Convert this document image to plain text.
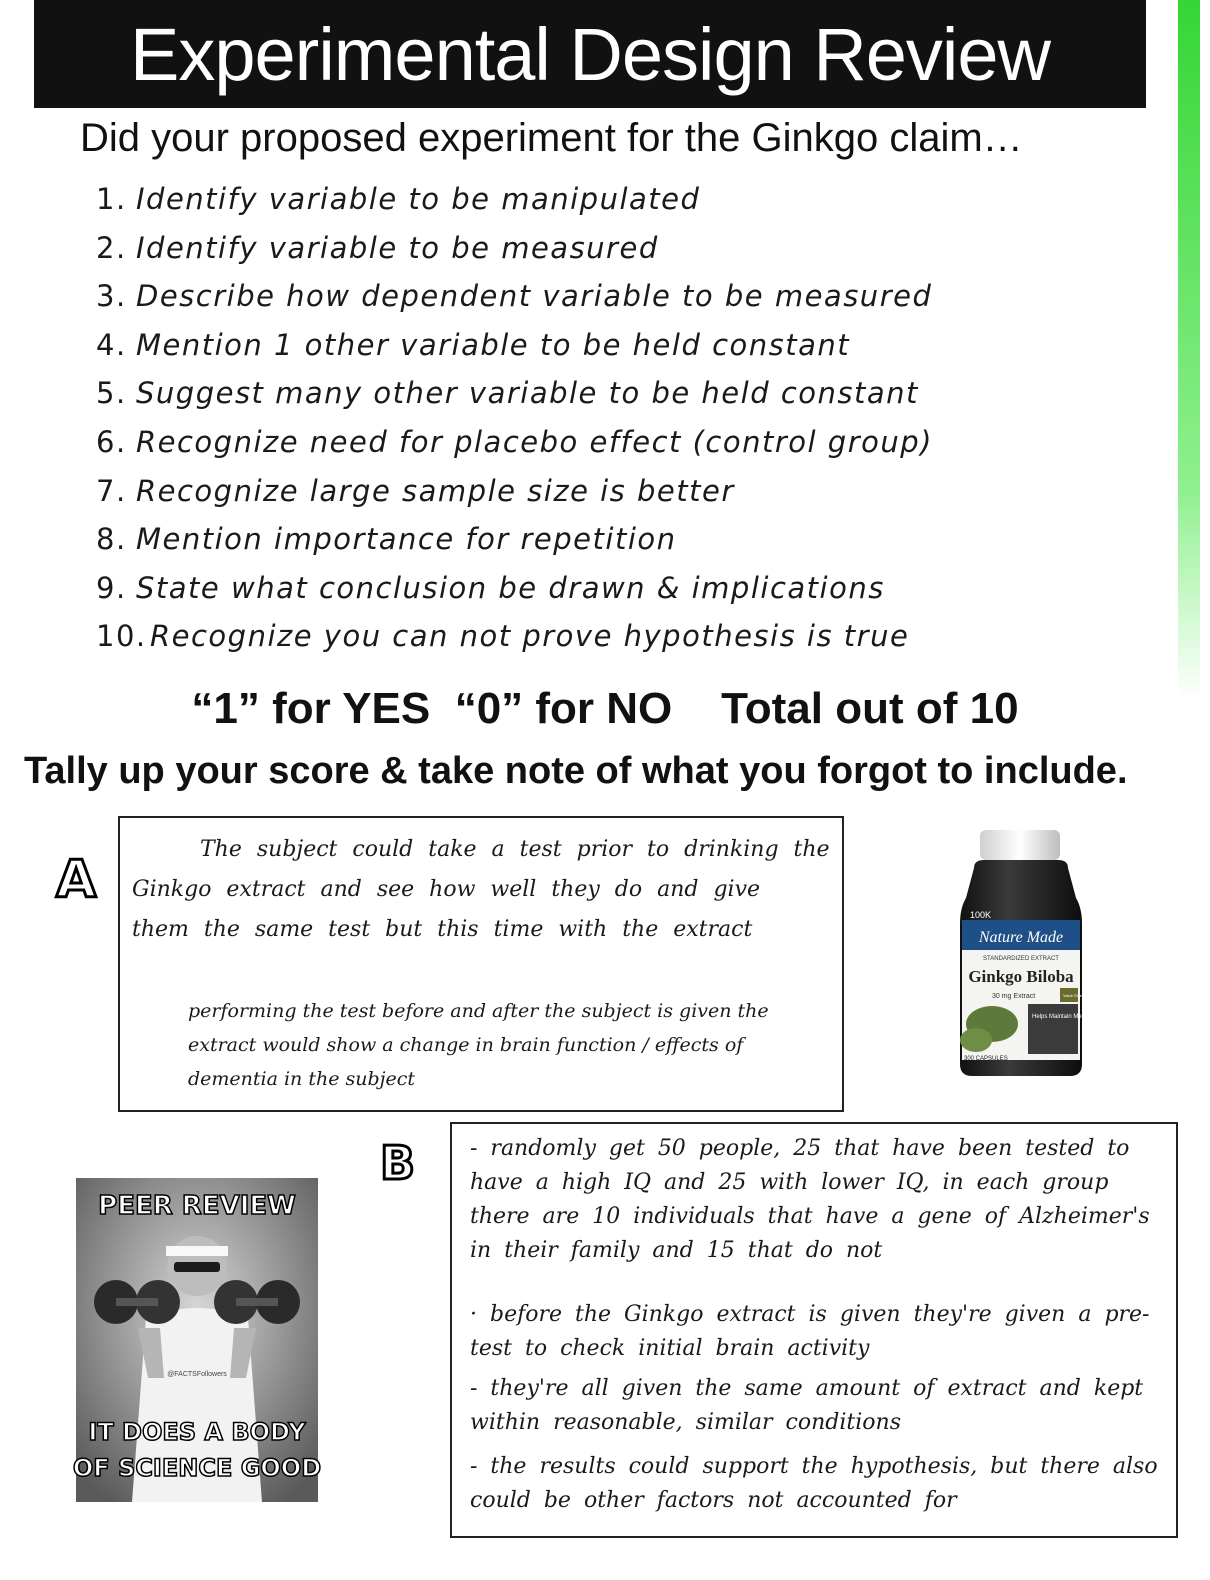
Experimental Design Review
Did your proposed experiment for the Ginkgo claim…
1. Identify variable to be manipulated
2. Identify variable to be measured
3. Describe how dependent variable to be measured
4. Mention 1 other variable to be held constant
5. Suggest many other variable to be held constant
6. Recognize need for placebo effect (control group)
7. Recognize large sample size is better
8. Mention importance for repetition
9. State what conclusion be drawn & implications
10. Recognize you can not prove hypothesis is true
“1” for YES  “0” for NO    Total out of 10
Tally up your score & take note of what you forgot to include.
A
The subject could take a test prior to drinking the Ginkgo extract and see how well they do and give them the same test but this time with the extract
performing the test before and after the subject is given the extract would show a change in brain function / effects of dementia in the subject
100K
Nature Made
STANDARDIZED EXTRACT
Ginkgo Biloba
30 mg Extract
Helps Maintain Mental Alertness
Value Size
300 CAPSULES
B - randomly get 50 people, 25 that have been tested to have a high IQ and 25 with lower IQ, in each group there are 10 individuals that have a gene of Alzheimer's in their family and 15 that do not
· before the Ginkgo extract is given they're given a pre-test to check initial brain activity
- they're all given the same amount of extract and kept within reasonable, similar conditions
- the results could support the hypothesis, but there also could be other factors not accounted for
PEER REVIEW
@FACTSFollowers
IT DOES A BODY
OF SCIENCE GOOD
